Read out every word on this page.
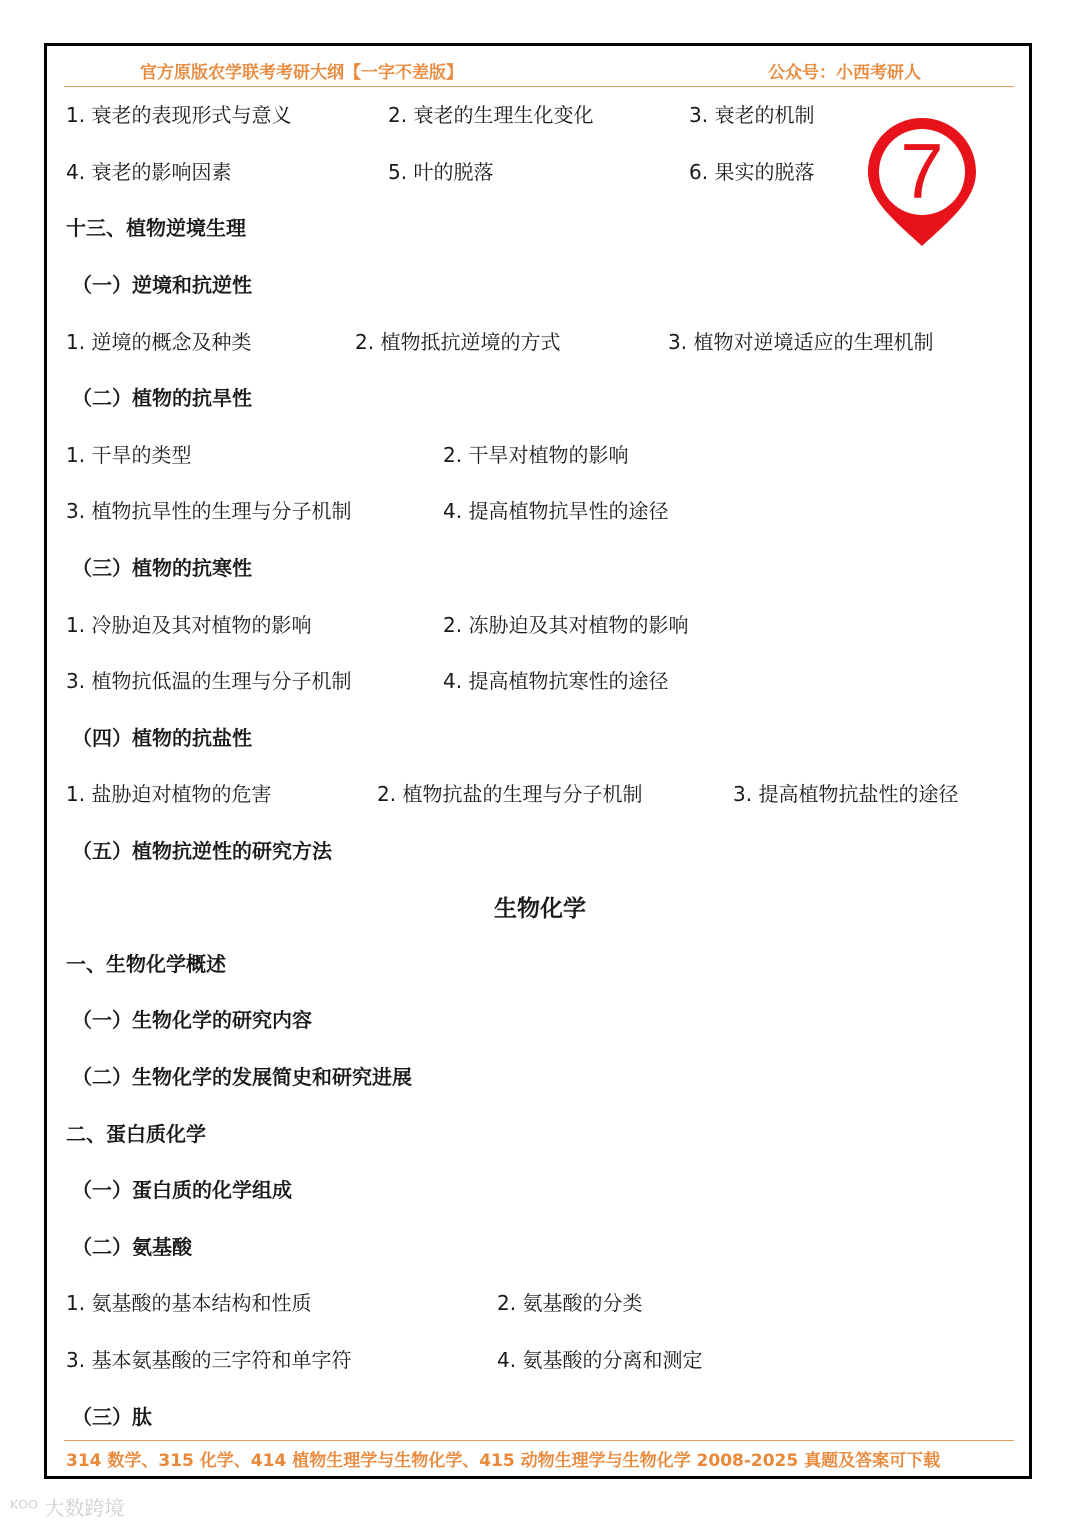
官方原版农学联考考研大纲【一字不差版】	公众号：小西考研人
7
1. 衰老的表现形式与意义	2. 衰老的生理生化变化	3. 衰老的机制
4. 衰老的影响因素	5. 叶的脱落	6. 果实的脱落
十三、植物逆境生理
（一）逆境和抗逆性
1. 逆境的概念及种类	2. 植物抵抗逆境的方式	3. 植物对逆境适应的生理机制
（二）植物的抗旱性
1. 干旱的类型	2. 干旱对植物的影响
3. 植物抗旱性的生理与分子机制	4. 提高植物抗旱性的途径
（三）植物的抗寒性
1. 冷胁迫及其对植物的影响	2. 冻胁迫及其对植物的影响
3. 植物抗低温的生理与分子机制	4. 提高植物抗寒性的途径
（四）植物的抗盐性
1. 盐胁迫对植物的危害	2. 植物抗盐的生理与分子机制	3. 提高植物抗盐性的途径
（五）植物抗逆性的研究方法
一、生物化学概述
（一）生物化学的研究内容
（二）生物化学的发展简史和研究进展
二、蛋白质化学
（一）蛋白质的化学组成
（二）氨基酸
1. 氨基酸的基本结构和性质	2. 氨基酸的分类
3. 基本氨基酸的三字符和单字符	4. 氨基酸的分离和测定
（三）肽
生物化学
314 数学、315 化学、414 植物生理学与生物化学、415 动物生理学与生物化学 2008-2025 真题及答案可下载
ᴷᴼᴼ 大数跨境
